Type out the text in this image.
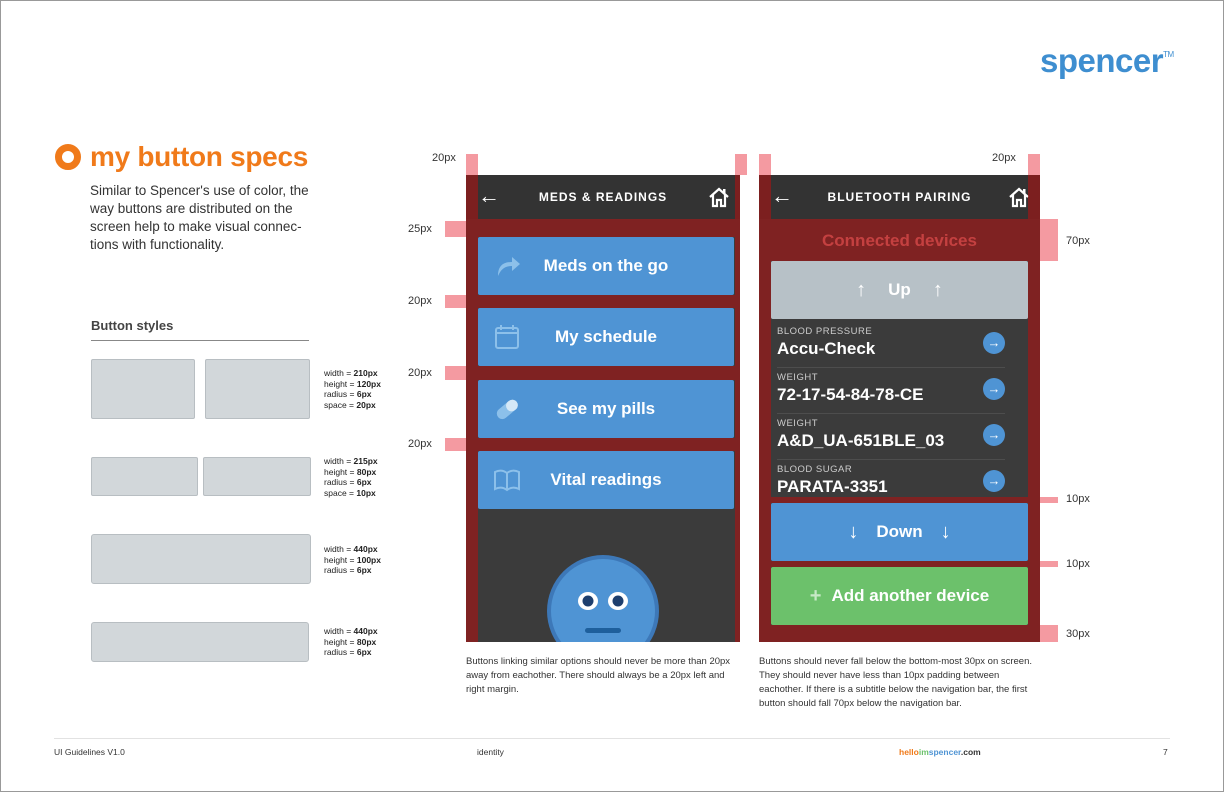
spencer™
my button specs
Similar to Spencer's use of color, the way buttons are distributed on the screen help to make visual connec-tions with functionality.
Button styles
width = 210px
height = 120px
radius = 6px
space = 20px
width = 215px
height = 80px
radius = 6px
space = 10px
width = 440px
height = 100px
radius = 6px
width = 440px
height = 80px
radius = 6px
←	MEDS & READINGS
Meds on the go
My schedule
See my pills
Vital readings
20px
25px
20px
20px
20px
Buttons linking similar options should never be more than 20px away from eachother. There should always be a 20px left and right margin.
←	BLUETOOTH PAIRING
↑ Up ↑
BLOOD PRESSURE
Accu-Check	→
WEIGHT
72-17-54-84-78-CE	→
WEIGHT
A&D_UA-651BLE_03	→
BLOOD SUGAR
PARATA-3351	→
↓ Down ↓
+ Add another device
20px
70px
10px
10px
30px
Buttons should never fall below the bottom-most 30px on screen. They should never have less than 10px padding between eachother. If there is a subtitle below the navigation bar, the first button should fall 70px below the navigation bar.
UI Guidelines V1.0	identity	helloimspencer.com	7
